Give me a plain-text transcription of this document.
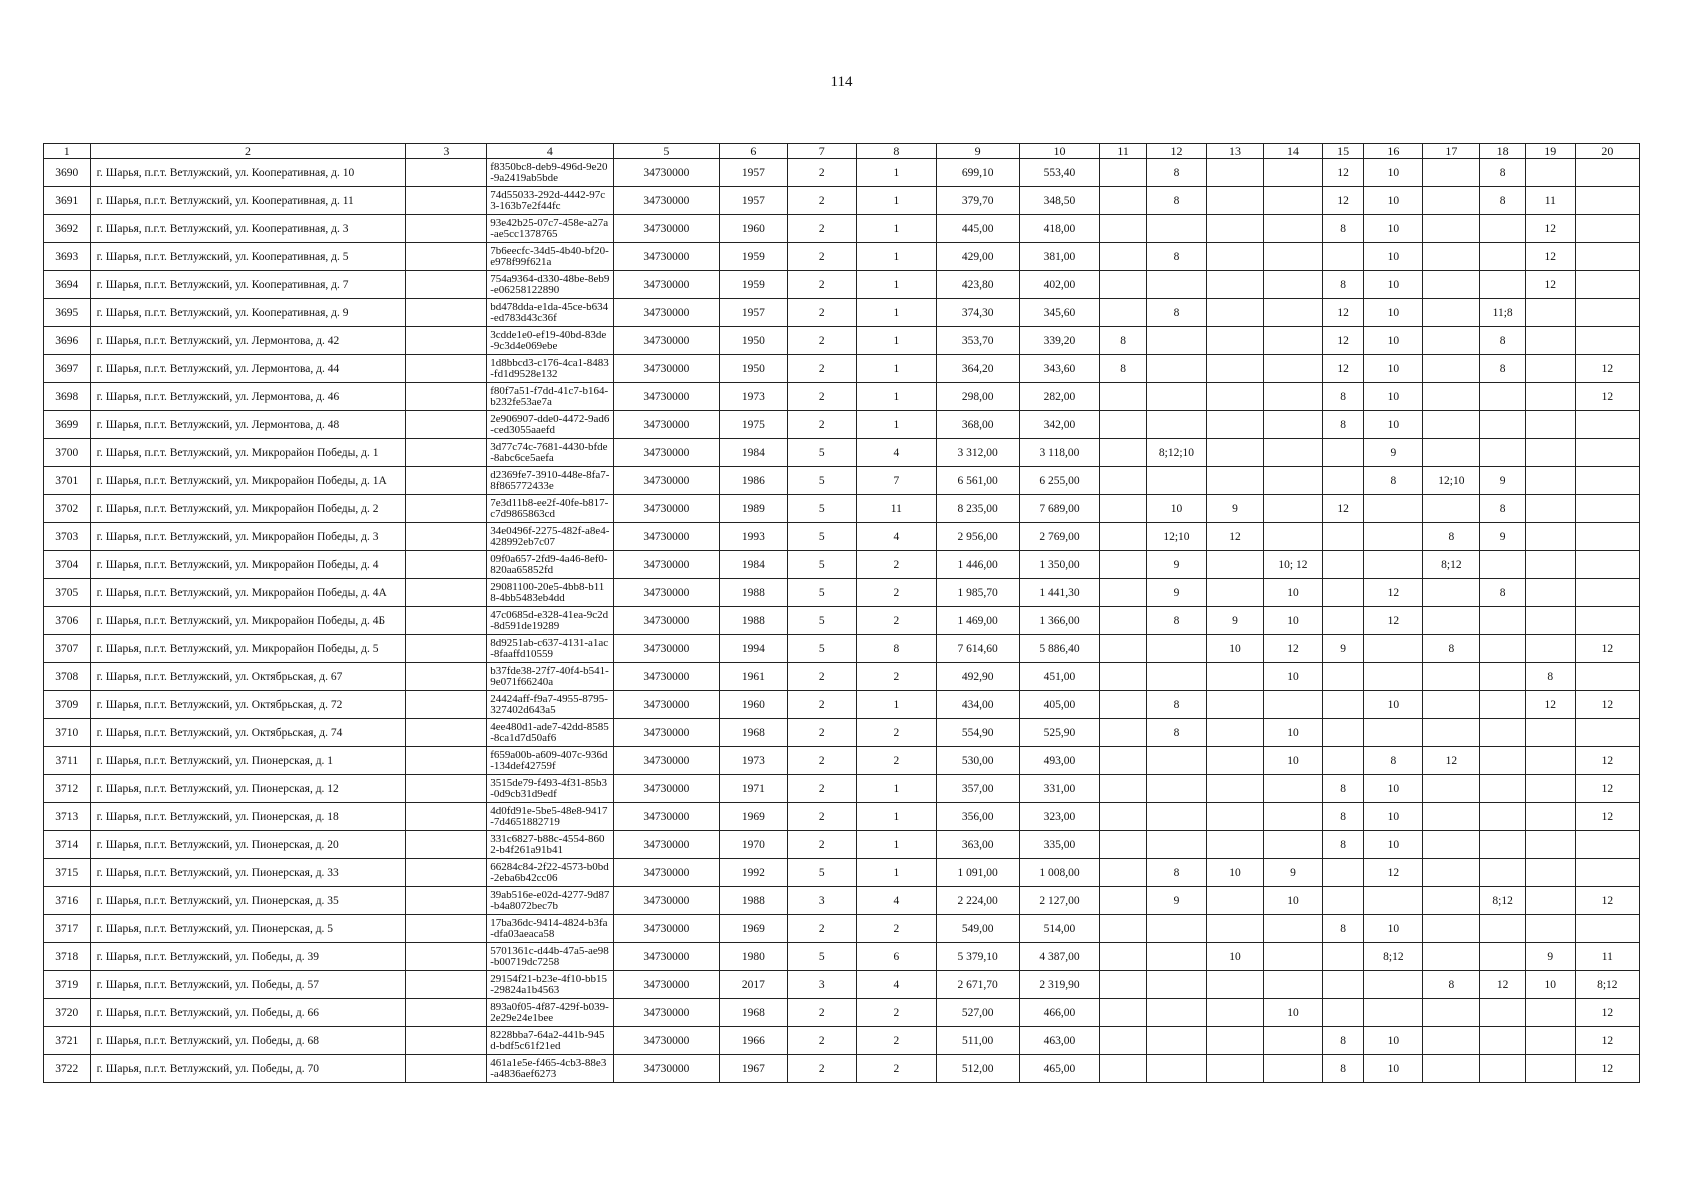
114
1	2	3	4	5	6	7	8	9	10	11	12	13	14	15	16	17	18	19	20
3690	г. Шарья, п.г.т. Ветлужский, ул. Кооперативная, д. 10		f8350bc8-deb9-496d-9e20-9a2419ab5bde	34730000	1957	2	1	699,10	553,40		8			12	10		8		
3691	г. Шарья, п.г.т. Ветлужский, ул. Кооперативная, д. 11		74d55033-292d-4442-97c3-163b7e2f44fc	34730000	1957	2	1	379,70	348,50		8			12	10		8	11	
3692	г. Шарья, п.г.т. Ветлужский, ул. Кооперативная, д. 3		93e42b25-07c7-458e-a27a-ae5cc1378765	34730000	1960	2	1	445,00	418,00					8	10			12	
3693	г. Шарья, п.г.т. Ветлужский, ул. Кооперативная, д. 5		7b6eecfc-34d5-4b40-bf20-e978f99f621a	34730000	1959	2	1	429,00	381,00		8				10			12	
3694	г. Шарья, п.г.т. Ветлужский, ул. Кооперативная, д. 7		754a9364-d330-48be-8eb9-e06258122890	34730000	1959	2	1	423,80	402,00					8	10			12	
3695	г. Шарья, п.г.т. Ветлужский, ул. Кооперативная, д. 9		bd478dda-e1da-45ce-b634-ed783d43c36f	34730000	1957	2	1	374,30	345,60		8			12	10		11;8		
3696	г. Шарья, п.г.т. Ветлужский, ул. Лермонтова, д. 42		3cdde1e0-ef19-40bd-83de-9c3d4e069ebe	34730000	1950	2	1	353,70	339,20	8				12	10		8		
3697	г. Шарья, п.г.т. Ветлужский, ул. Лермонтова, д. 44		1d8bbcd3-c176-4ca1-8483-fd1d9528e132	34730000	1950	2	1	364,20	343,60	8				12	10		8		12
3698	г. Шарья, п.г.т. Ветлужский, ул. Лермонтова, д. 46		f80f7a51-f7dd-41c7-b164-b232fe53ae7a	34730000	1973	2	1	298,00	282,00					8	10				12
3699	г. Шарья, п.г.т. Ветлужский, ул. Лермонтова, д. 48		2e906907-dde0-4472-9ad6-ced3055aaefd	34730000	1975	2	1	368,00	342,00					8	10				
3700	г. Шарья, п.г.т. Ветлужский, ул. Микрорайон Победы, д. 1		3d77c74c-7681-4430-bfde-8abc6ce5aefa	34730000	1984	5	4	3 312,00	3 118,00		8;12;10				9				
3701	г. Шарья, п.г.т. Ветлужский, ул. Микрорайон Победы, д. 1А		d2369fe7-3910-448e-8fa7-8f865772433e	34730000	1986	5	7	6 561,00	6 255,00						8	12;10	9		
3702	г. Шарья, п.г.т. Ветлужский, ул. Микрорайон Победы, д. 2		7e3d11b8-ee2f-40fe-b817-c7d9865863cd	34730000	1989	5	11	8 235,00	7 689,00		10	9		12			8		
3703	г. Шарья, п.г.т. Ветлужский, ул. Микрорайон Победы, д. 3		34e0496f-2275-482f-a8e4-428992eb7c07	34730000	1993	5	4	2 956,00	2 769,00		12;10	12				8	9		
3704	г. Шарья, п.г.т. Ветлужский, ул. Микрорайон Победы, д. 4		09f0a657-2fd9-4a46-8ef0-820aa65852fd	34730000	1984	5	2	1 446,00	1 350,00		9		10; 12			8;12			
3705	г. Шарья, п.г.т. Ветлужский, ул. Микрорайон Победы, д. 4А		29081100-20e5-4bb8-b118-4bb5483eb4dd	34730000	1988	5	2	1 985,70	1 441,30		9		10		12		8		
3706	г. Шарья, п.г.т. Ветлужский, ул. Микрорайон Победы, д. 4Б		47c0685d-e328-41ea-9c2d-8d591de19289	34730000	1988	5	2	1 469,00	1 366,00		8	9	10		12				
3707	г. Шарья, п.г.т. Ветлужский, ул. Микрорайон Победы, д. 5		8d9251ab-c637-4131-a1ac-8faaffd10559	34730000	1994	5	8	7 614,60	5 886,40			10	12	9		8			12
3708	г. Шарья, п.г.т. Ветлужский, ул. Октябрьская, д. 67		b37fde38-27f7-40f4-b541-9e071f66240a	34730000	1961	2	2	492,90	451,00				10					8	
3709	г. Шарья, п.г.т. Ветлужский, ул. Октябрьская, д. 72		24424aff-f9a7-4955-8795-327402d643a5	34730000	1960	2	1	434,00	405,00		8				10			12	12
3710	г. Шарья, п.г.т. Ветлужский, ул. Октябрьская, д. 74		4ee480d1-ade7-42dd-8585-8ca1d7d50af6	34730000	1968	2	2	554,90	525,90		8		10						
3711	г. Шарья, п.г.т. Ветлужский, ул. Пионерская, д. 1		f659a00b-a609-407c-936d-134def42759f	34730000	1973	2	2	530,00	493,00				10		8	12			12
3712	г. Шарья, п.г.т. Ветлужский, ул. Пионерская, д. 12		3515de79-f493-4f31-85b3-0d9cb31d9edf	34730000	1971	2	1	357,00	331,00					8	10				12
3713	г. Шарья, п.г.т. Ветлужский, ул. Пионерская, д. 18		4d0fd91e-5be5-48e8-9417-7d4651882719	34730000	1969	2	1	356,00	323,00					8	10				12
3714	г. Шарья, п.г.т. Ветлужский, ул. Пионерская, д. 20		331c6827-b88c-4554-8602-b4f261a91b41	34730000	1970	2	1	363,00	335,00					8	10				
3715	г. Шарья, п.г.т. Ветлужский, ул. Пионерская, д. 33		66284c84-2f22-4573-b0bd-2eba6b42cc06	34730000	1992	5	1	1 091,00	1 008,00		8	10	9		12				
3716	г. Шарья, п.г.т. Ветлужский, ул. Пионерская, д. 35		39ab516e-e02d-4277-9d87-b4a8072bec7b	34730000	1988	3	4	2 224,00	2 127,00		9		10				8;12		12
3717	г. Шарья, п.г.т. Ветлужский, ул. Пионерская, д. 5		17ba36dc-9414-4824-b3fa-dfa03aeaca58	34730000	1969	2	2	549,00	514,00					8	10				
3718	г. Шарья, п.г.т. Ветлужский, ул. Победы, д. 39		5701361c-d44b-47a5-ae98-b00719dc7258	34730000	1980	5	6	5 379,10	4 387,00			10			8;12			9	11
3719	г. Шарья, п.г.т. Ветлужский, ул. Победы, д. 57		29154f21-b23e-4f10-bb15-29824a1b4563	34730000	2017	3	4	2 671,70	2 319,90							8	12	10	8;12
3720	г. Шарья, п.г.т. Ветлужский, ул. Победы, д. 66		893a0f05-4f87-429f-b039-2e29e24e1bee	34730000	1968	2	2	527,00	466,00				10						12
3721	г. Шарья, п.г.т. Ветлужский, ул. Победы, д. 68		8228bba7-64a2-441b-945d-bdf5c61f21ed	34730000	1966	2	2	511,00	463,00					8	10				12
3722	г. Шарья, п.г.т. Ветлужский, ул. Победы, д. 70		461a1e5e-f465-4cb3-88e3-a4836aef6273	34730000	1967	2	2	512,00	465,00					8	10				12
